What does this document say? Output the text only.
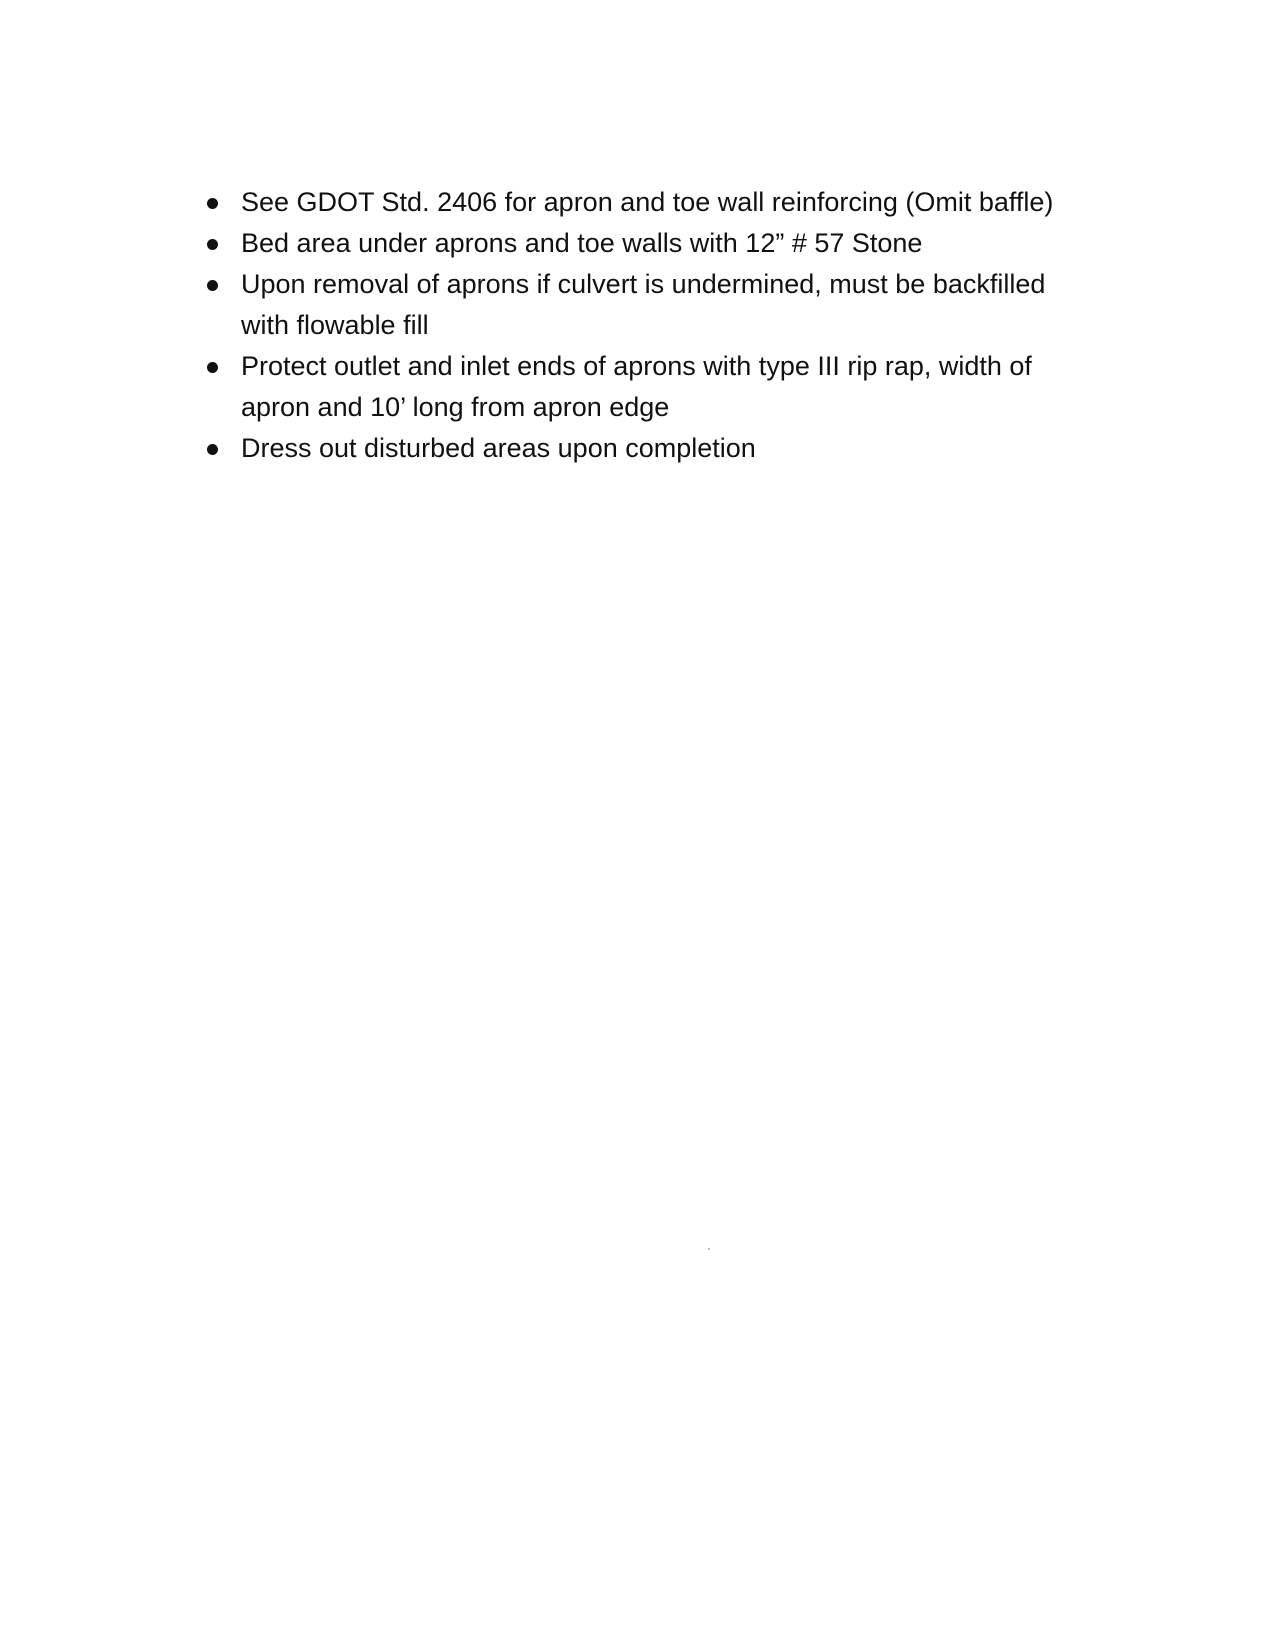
See GDOT Std. 2406 for apron and toe wall reinforcing (Omit baffle)
Bed area under aprons and toe walls with 12” # 57 Stone
Upon removal of aprons if culvert is undermined, must be backfilled with flowable fill
Protect outlet and inlet ends of aprons with type III rip rap, width of apron and 10’ long from apron edge
Dress out disturbed areas upon completion
